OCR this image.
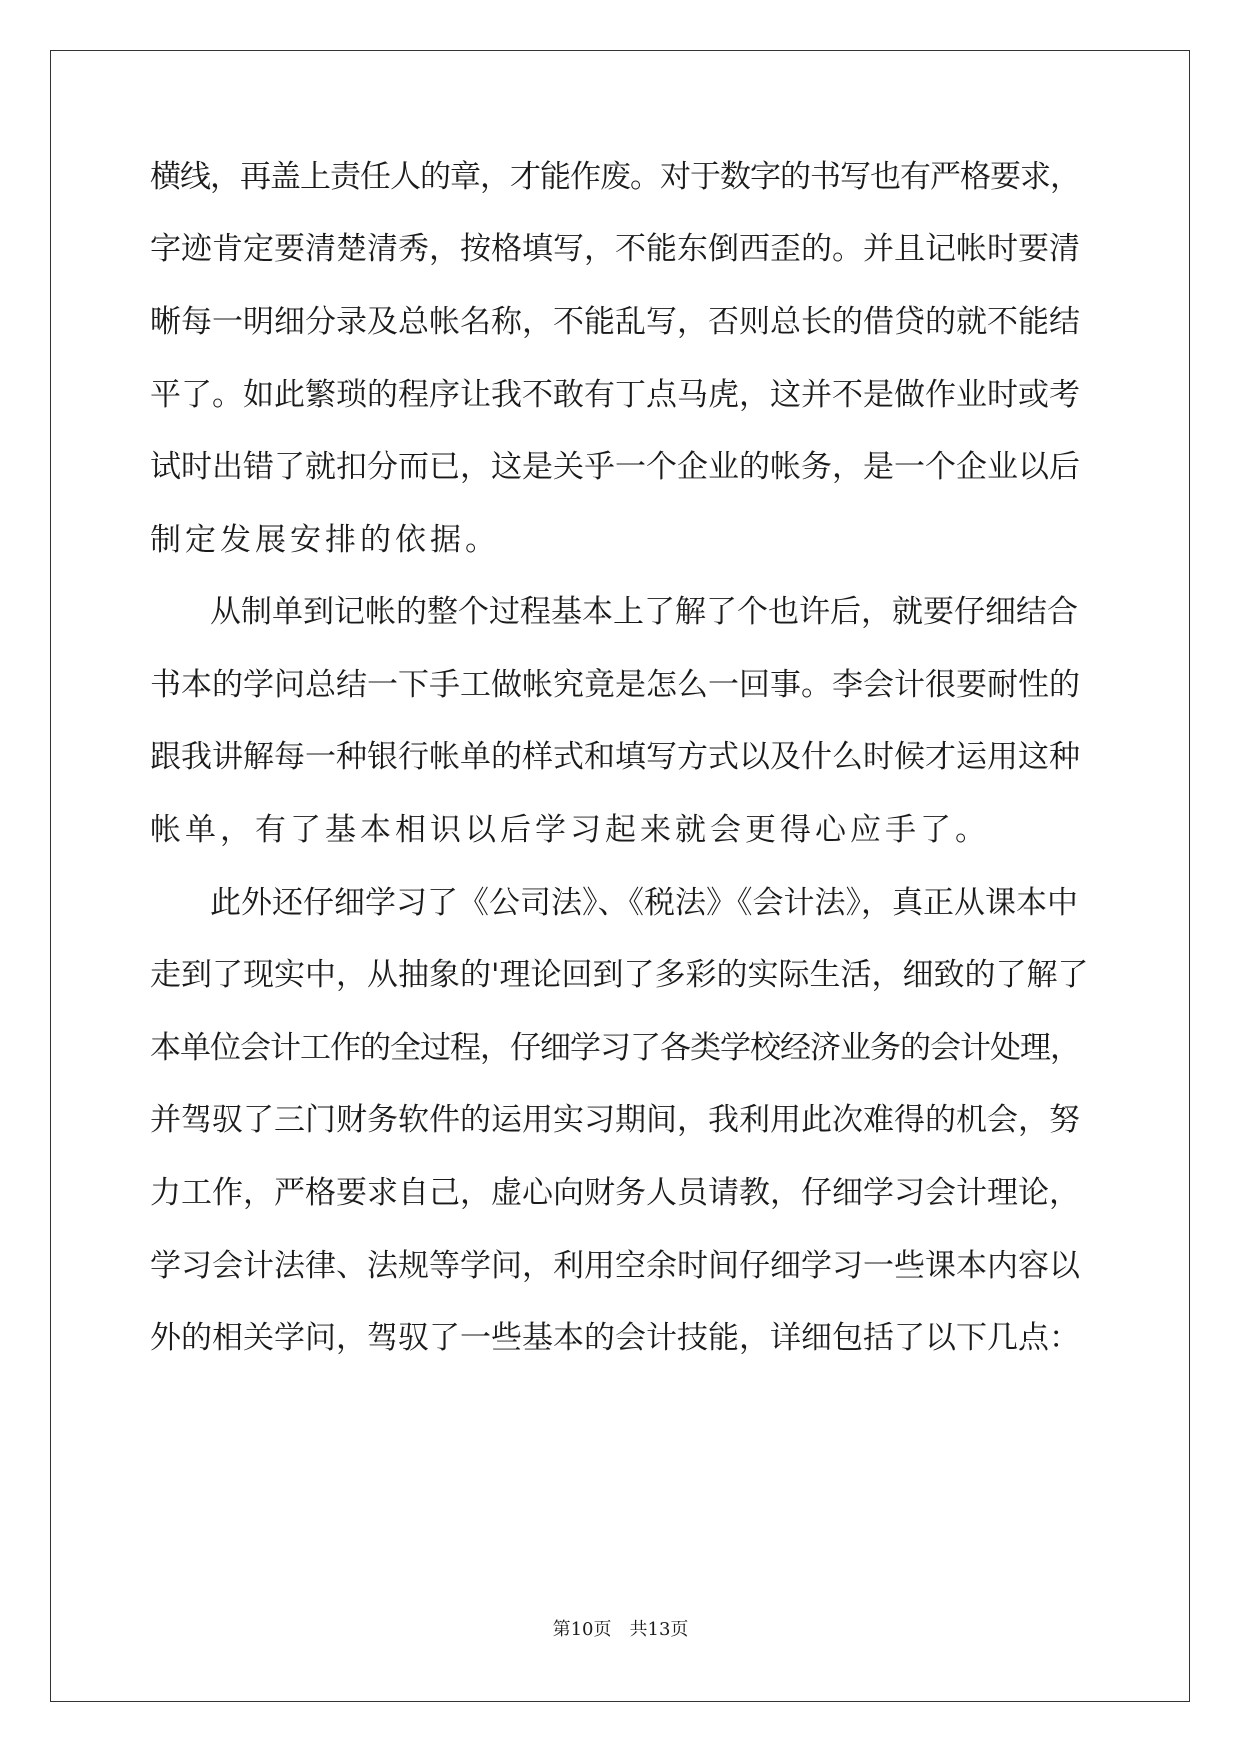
横线，再盖上责任人的章，才能作废。对于数字的书写也有严格要求，
字迹肯定要清楚清秀，按格填写，不能东倒西歪的。并且记帐时要清
晰每一明细分录及总帐名称，不能乱写，否则总长的借贷的就不能结
平了。如此繁琐的程序让我不敢有丁点马虎，这并不是做作业时或考
试时出错了就扣分而已，这是关乎一个企业的帐务，是一个企业以后
制定发展安排的依据。
从制单到记帐的整个过程基本上了解了个也许后，就要仔细结合
书本的学问总结一下手工做帐究竟是怎么一回事。李会计很要耐性的
跟我讲解每一种银行帐单的样式和填写方式以及什么时候才运用这种
帐单，有了基本相识以后学习起来就会更得心应手了。
此外还仔细学习了《公司法》、《税法》《会计法》，真正从课本中
走到了现实中，从抽象的'理论回到了多彩的实际生活，细致的了解了
本单位会计工作的全过程，仔细学习了各类学校经济业务的会计处理，
并驾驭了三门财务软件的运用实习期间，我利用此次难得的机会，努
力工作，严格要求自己，虚心向财务人员请教，仔细学习会计理论，
学习会计法律、法规等学问，利用空余时间仔细学习一些课本内容以
外的相关学问，驾驭了一些基本的会计技能，详细包括了以下几点：
第10页 共13页
